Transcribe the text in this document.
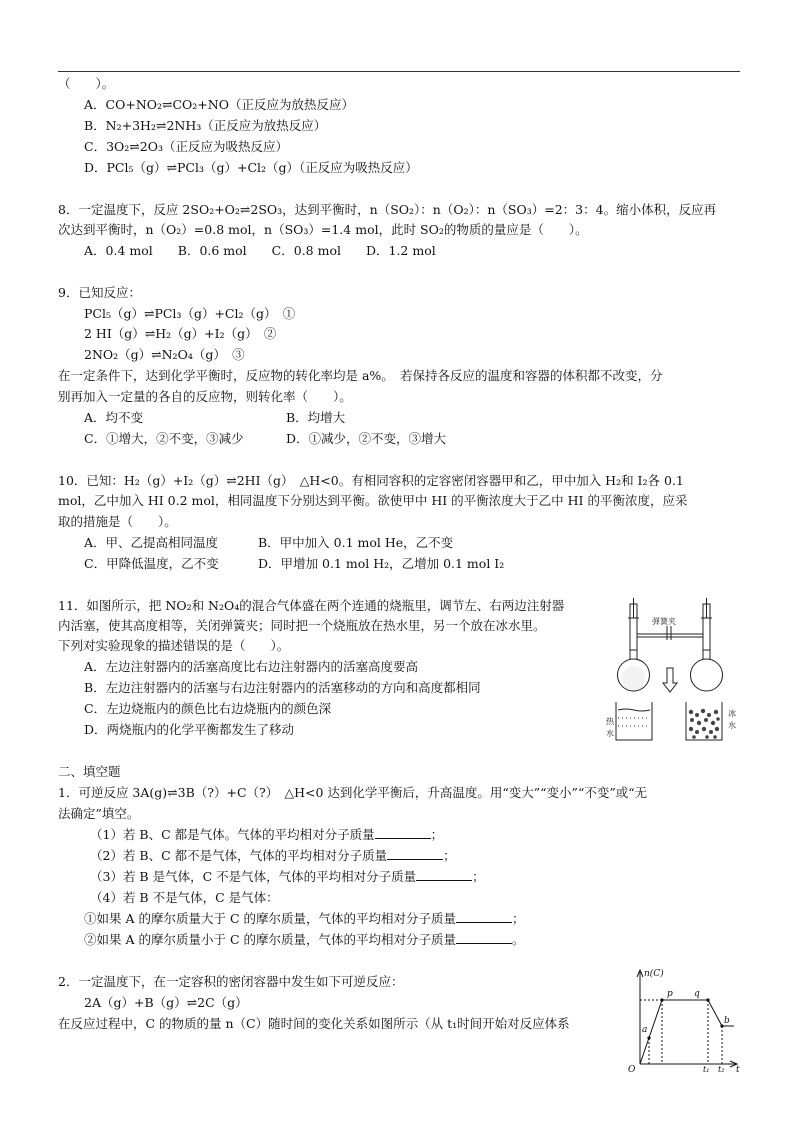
（　　）。
A．CO+NO₂⇌CO₂+NO（正反应为放热反应）
B．N₂+3H₂⇌2NH₃（正反应为放热反应）
C．3O₂⇌2O₃（正反应为吸热反应）
D．PCl₅（g）⇌PCl₃（g）+Cl₂（g）（正反应为吸热反应）
8．一定温度下，反应 2SO₂+O₂⇌2SO₃，达到平衡时，n（SO₂）：n（O₂）：n（SO₃）=2：3：4。缩小体积，反应再
次达到平衡时，n（O₂）=0.8 mol，n（SO₃）=1.4 mol，此时 SO₂的物质的量应是（　　）。
A．0.4 mol　　B．0.6 mol　　C．0.8 mol　　D．1.2 mol
9．已知反应：
PCl₅（g）⇌PCl₃（g）+Cl₂（g）　①
2 HI（g）⇌H₂（g）+I₂（g）　②
2NO₂（g）⇌N₂O₄（g）　③
在一定条件下，达到化学平衡时，反应物的转化率均是 a%。　若保持各反应的温度和容器的体积都不改变，分
别再加入一定量的各自的反应物，则转化率（　　）。
A．均不变	B．均增大
C．①增大，②不变，③减少	D．①减少，②不变，③增大
10．已知：H₂（g）+I₂（g）⇌2HI（g）　△H<0。有相同容积的定容密闭容器甲和乙，甲中加入 H₂和 I₂各 0.1
mol，乙中加入 HI 0.2 mol，相同温度下分别达到平衡。欲使甲中 HI 的平衡浓度大于乙中 HI 的平衡浓度，应采
取的措施是（　　）。
A．甲、乙提高相同温度	B．甲中加入 0.1 mol He，乙不变
C．甲降低温度，乙不变	D．甲增加 0.1 mol H₂，乙增加 0.1 mol I₂
11．如图所示，把 NO₂和 N₂O₄的混合气体盛在两个连通的烧瓶里，调节左、右两边注射器
内活塞，使其高度相等，关闭弹簧夹；同时把一个烧瓶放在热水里，另一个放在冰水里。
下列对实验现象的描述错误的是（　　）。
A．左边注射器内的活塞高度比右边注射器内的活塞高度要高
B．左边注射器内的活塞与右边注射器内的活塞移动的方向和高度都相同
C．左边烧瓶内的颜色比右边烧瓶内的颜色深
D．两烧瓶内的化学平衡都发生了移动
弹簧夹
热
水
冰
水
二、填空题
1．可逆反应 3A(g)⇌3B（?）+C（?）　△H<0 达到化学平衡后，升高温度。用“变大”“变小”“不变”或“无
法确定”填空。
（1）若 B、C 都是气体。气体的平均相对分子质量	；
（2）若 B、C 都不是气体，气体的平均相对分子质量	；
（3）若 B 是气体，C 不是气体，气体的平均相对分子质量	；
（4）若 B 不是气体，C 是气体：
①如果 A 的摩尔质量大于 C 的摩尔质量，气体的平均相对分子质量	；
②如果 A 的摩尔质量小于 C 的摩尔质量，气体的平均相对分子质量	。
2．一定温度下，在一定容积的密闭容器中发生如下可逆反应：
2A（g）+B（g）⇌2C（g）
在反应过程中，C 的物质的量 n（C）随时间的变化关系如图所示（从 t₁时间开始对反应体系
n(C)
t
O
a
p q
b
t₁ t₂
